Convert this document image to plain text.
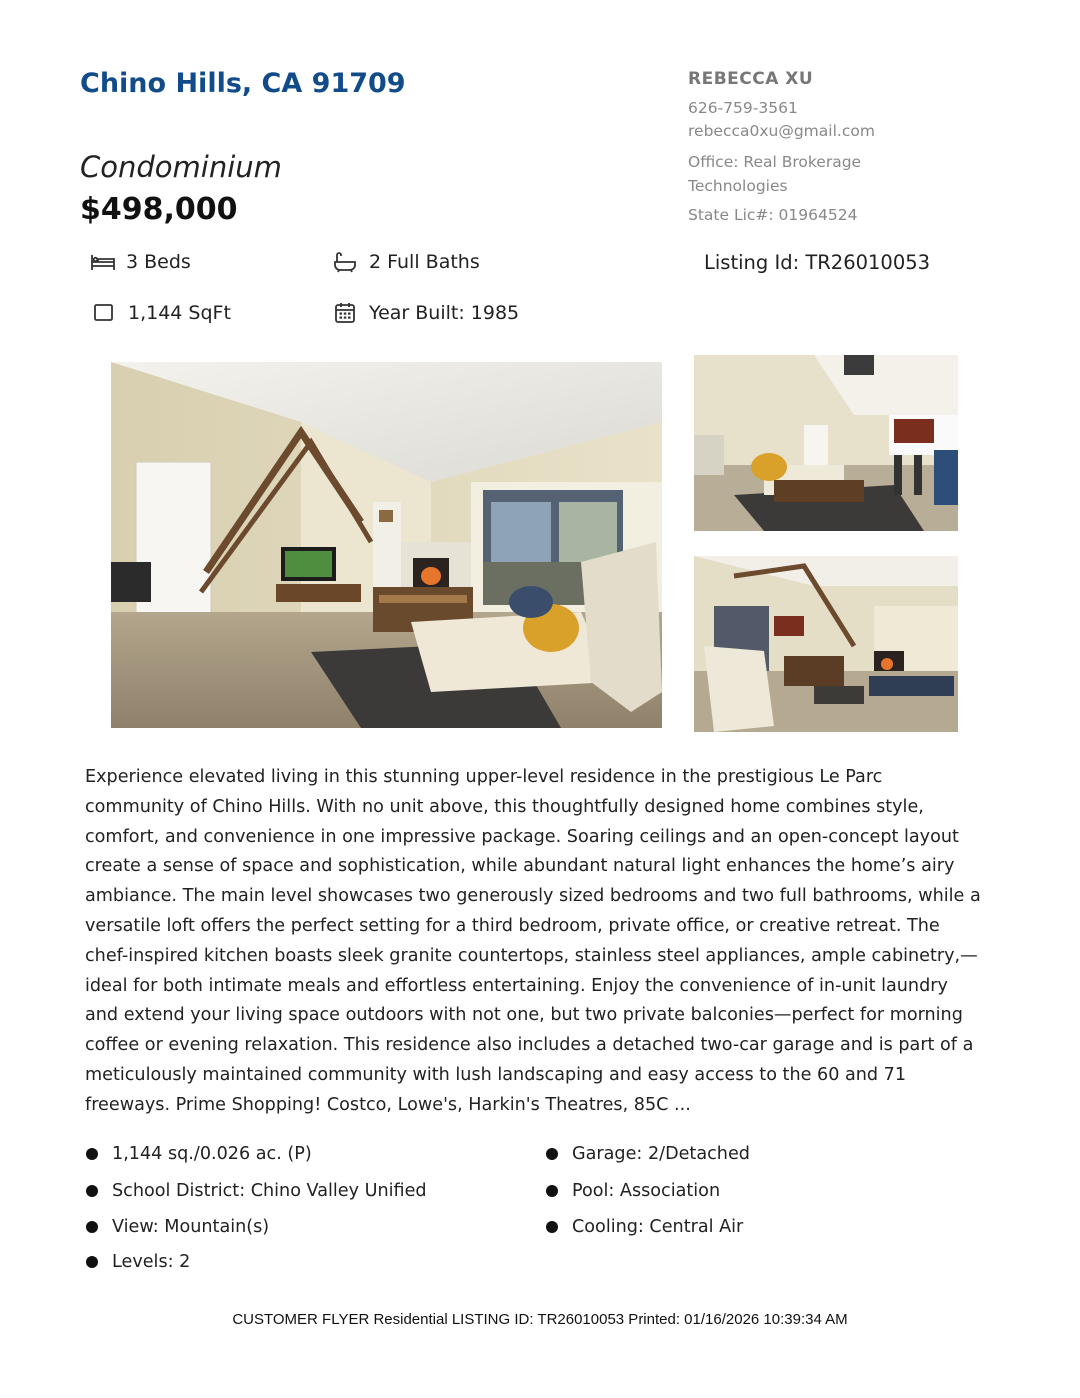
Chino Hills, CA 91709
Condominium
$498,000
REBECCA XU
626-759-3561
rebecca0xu@gmail.com
Office: Real Brokerage
Technologies
State Lic#: 01964524
3 Beds	2 Full Baths
1,144 SqFt	Year Built: 1985
Listing Id: TR26010053
Experience elevated living in this stunning upper-level residence in the prestigious Le Parc community of Chino Hills. With no unit above, this thoughtfully designed home combines style, comfort, and convenience in one impressive package. Soaring ceilings and an open-concept layout create a sense of space and sophistication, while abundant natural light enhances the home’s airy ambiance. The main level showcases two generously sized bedrooms and two full bathrooms, while a versatile loft offers the perfect setting for a third bedroom, private office, or creative retreat. The chef-inspired kitchen boasts sleek granite countertops, stainless steel appliances, ample cabinetry,—ideal for both intimate meals and effortless entertaining. Enjoy the convenience of in-unit laundry and extend your living space outdoors with not one, but two private balconies—perfect for morning coffee or evening relaxation. This residence also includes a detached two-car garage and is part of a meticulously maintained community with lush landscaping and easy access to the 60 and 71 freeways. Prime Shopping! Costco, Lowe's, Harkin's Theatres, 85C ...
1,144 sq./0.026 ac. (P)
School District: Chino Valley Unified
View: Mountain(s)
Levels: 2
Garage: 2/Detached
Pool: Association
Cooling: Central Air
CUSTOMER FLYER Residential LISTING ID: TR26010053 Printed: 01/16/2026 10:39:34 AM
